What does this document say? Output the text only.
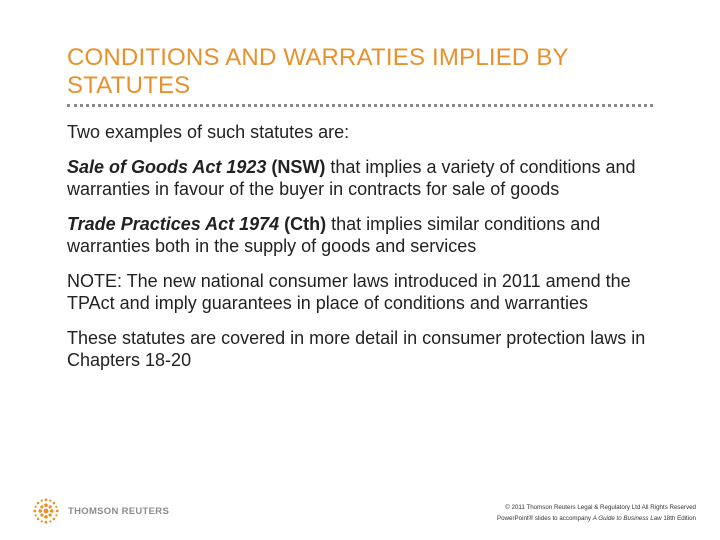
CONDITIONS AND WARRATIES IMPLIED BY STATUTES

Two examples of such statutes are:

Sale of Goods Act 1923 (NSW) that implies a variety of conditions and warranties in favour of the buyer in contracts for sale of goods

Trade Practices Act 1974 (Cth) that implies similar conditions and warranties both in the supply of goods and services

NOTE: The new national consumer laws introduced in 2011 amend the TPAct and imply guarantees in place of conditions and warranties

These statutes are covered in more detail in consumer protection laws in Chapters 18-20

THOMSON REUTERS	© 2011 Thomson Reuters Legal & Regulatory Ltd All Rights Reserved
PowerPoint® slides to accompany A Guide to Business Law 18th Edition
